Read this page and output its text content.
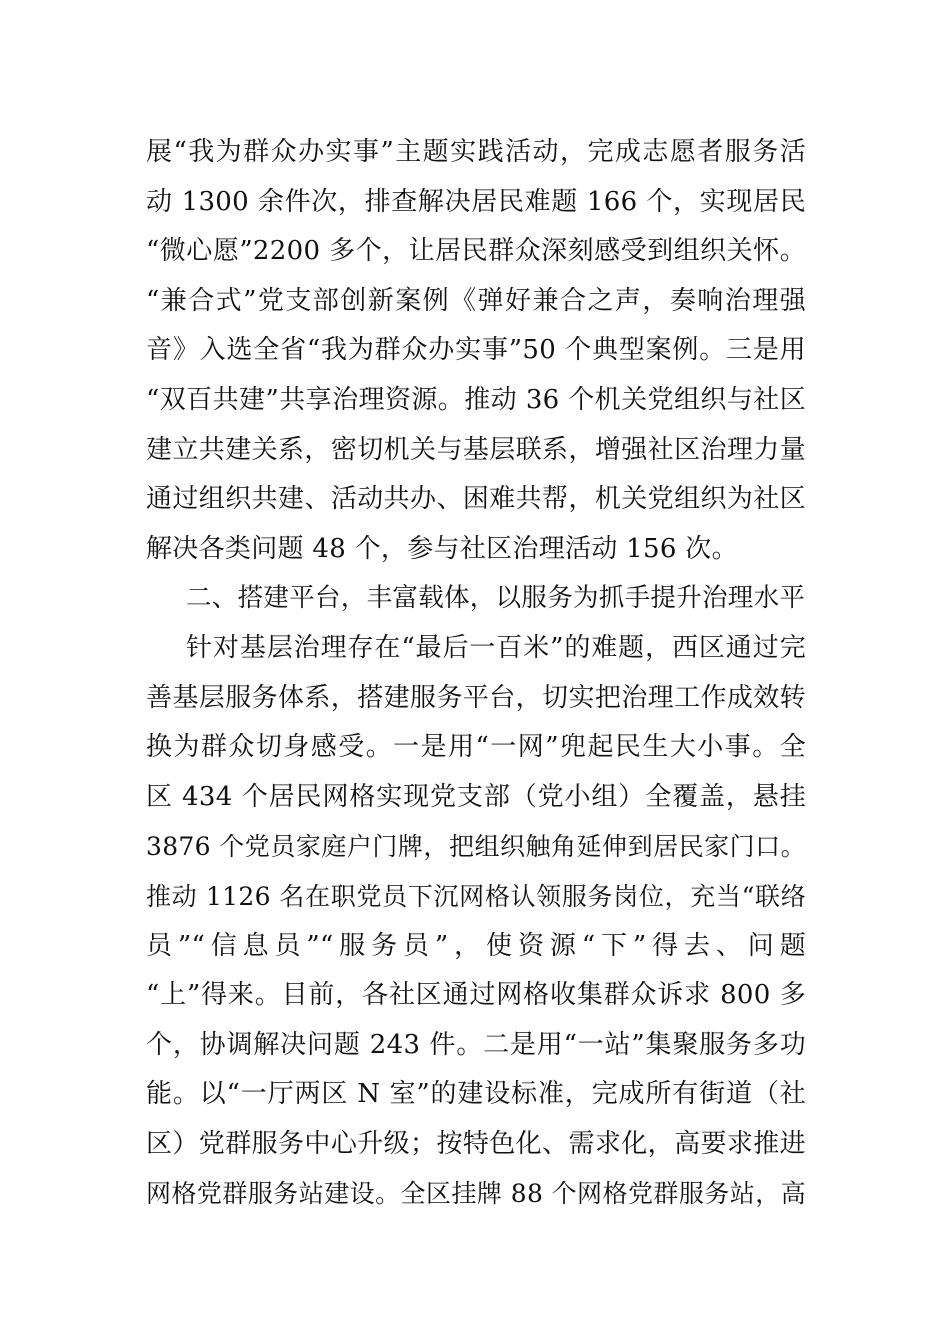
展“我为群众办实事”主题实践活动，完成志愿者服务活
动 1300 余件次，排查解决居民难题 166 个，实现居民
“微心愿”2200 多个，让居民群众深刻感受到组织关怀。
“兼合式”党支部创新案例《弹好兼合之声，奏响治理强
音》入选全省“我为群众办实事”50 个典型案例。三是用
“双百共建”共享治理资源。推动 36 个机关党组织与社区
建立共建关系，密切机关与基层联系，增强社区治理力量
通过组织共建、活动共办、困难共帮，机关党组织为社区
解决各类问题 48 个，参与社区治理活动 156 次。
二、搭建平台，丰富载体，以服务为抓手提升治理水平
针对基层治理存在“最后一百米”的难题，西区通过完
善基层服务体系，搭建服务平台，切实把治理工作成效转
换为群众切身感受。一是用“一网”兜起民生大小事。全
区 434 个居民网格实现党支部（党小组）全覆盖，悬挂
3876 个党员家庭户门牌，把组织触角延伸到居民家门口。
推动 1126 名在职党员下沉网格认领服务岗位，充当“联络
员”“信息员”“服务员”，使资源“下”得去、问题
“上”得来。目前，各社区通过网格收集群众诉求 800 多
个，协调解决问题 243 件。二是用“一站”集聚服务多功
能。以“一厅两区 N 室”的建设标准，完成所有街道（社
区）党群服务中心升级；按特色化、需求化，高要求推进
网格党群服务站建设。全区挂牌 88 个网格党群服务站，高
